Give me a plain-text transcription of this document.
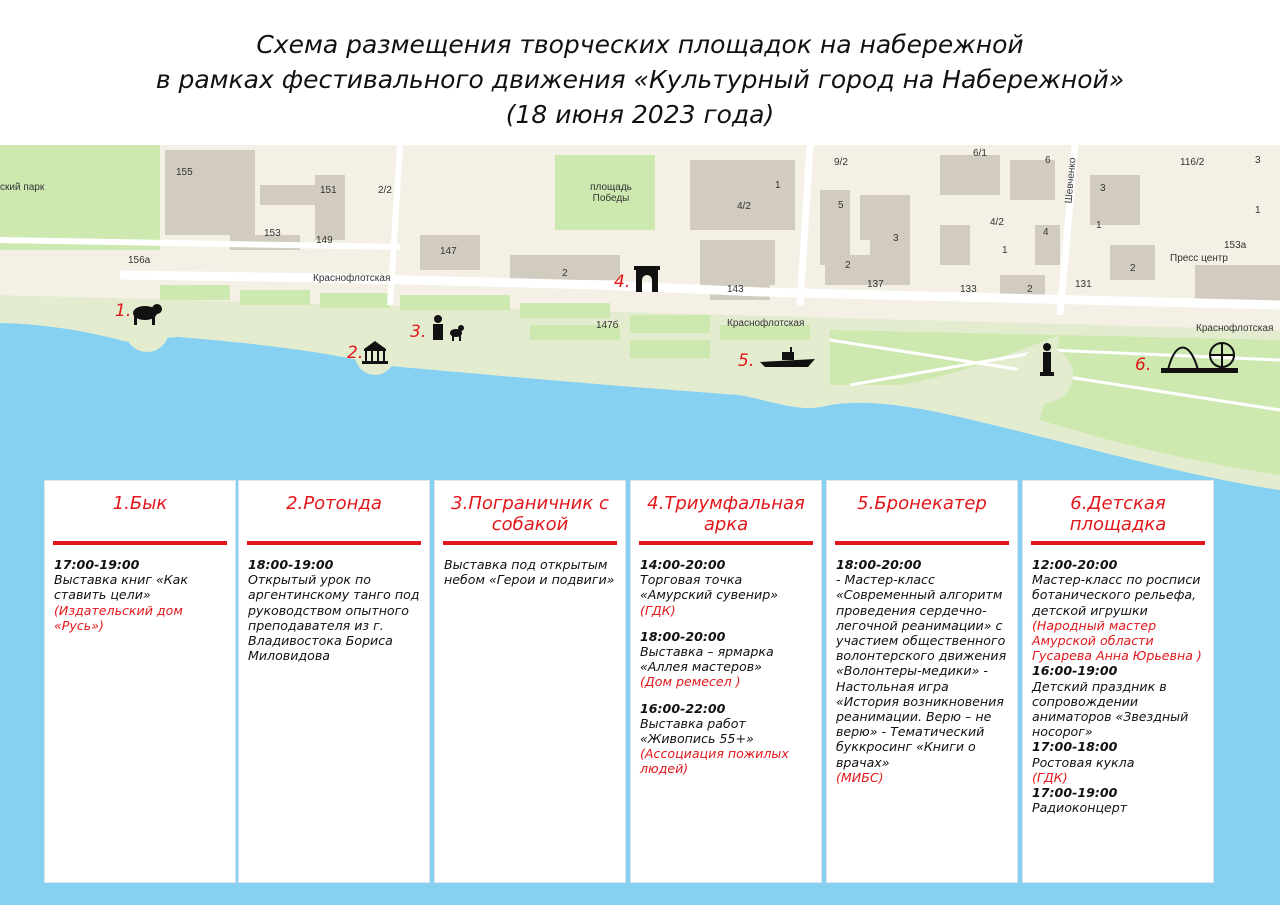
Схема размещения творческих площадок на набережной
в рамках фестивального движения «Культурный город на Набережной»
(18 июня 2023 года)
Краснофлотская
Краснофлотская	Краснофлотская
Шевченко
ский парк	площадь Победы
Пресс центр
1.
2.
3.
4.
5.	6.
155
151	2/2
153
149
156а
147
2
143
147б
1
4/2
3
2
137	133	2	131
9/2
5
6/1
6
4/2
4
1
116/2
3
1
2
3
1
153а
1.Бык
17:00-19:00
Выставка книг «Как ставить цели»
(Издательский дом «Русь»)
2.Ротонда
18:00-19:00
Открытый урок по аргентинскому танго под руководством опытного преподавателя из г. Владивостока Бориса Миловидова
3.Пограничник с собакой
Выставка под открытым небом «Герои и подвиги»
4.Триумфальная арка
14:00-20:00
Торговая точка «Амурский сувенир»
(ГДК)
18:00-20:00
Выставка – ярмарка «Аллея мастеров»
(Дом ремесел )
16:00-22:00
Выставка работ «Живопись 55+»
(Ассоциация пожилых людей)
5.Бронекатер
18:00-20:00
- Мастер-класс «Современный алгоритм проведения сердечно-легочной реанимации» с участием общественного волонтерского движения «Волонтеры-медики» - Настольная игра «История возникновения реанимации. Верю – не верю» - Тематический буккросинг «Книги о врачах»
(МИБС)
6.Детская площадка
12:00-20:00
Мастер-класс по росписи ботанического рельефа, детской игрушки
(Народный мастер Амурской области Гусарева Анна Юрьевна )
16:00-19:00
Детский праздник в сопровождении аниматоров «Звездный носорог»
17:00-18:00
Ростовая кукла
(ГДК)
17:00-19:00
Радиоконцерт
